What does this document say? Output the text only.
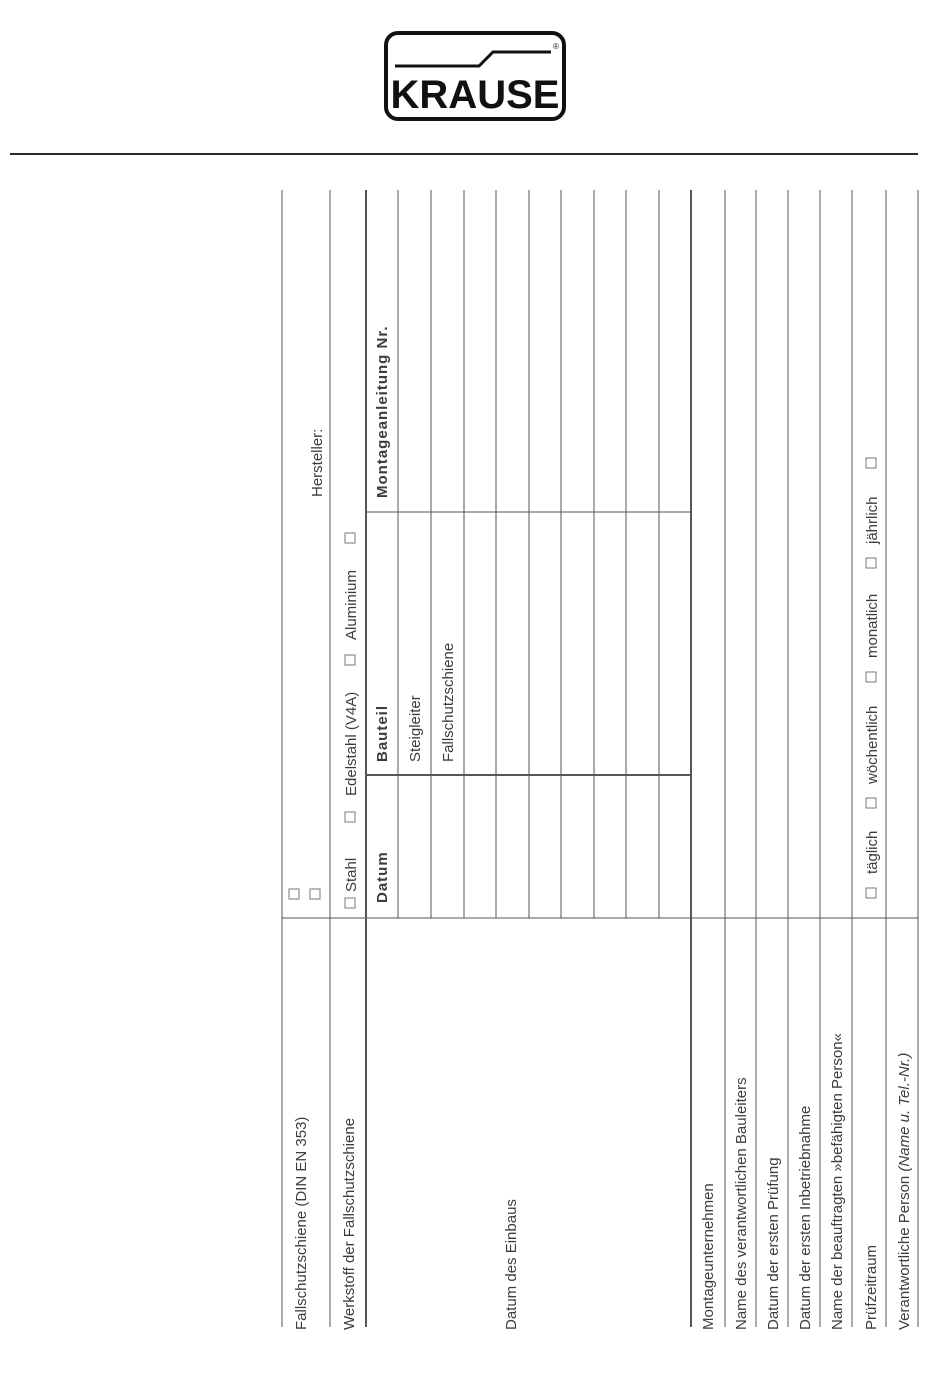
KRAUSE
®
Fallschutzschiene (DIN EN 353)
Hersteller:
Werkstoff der Fallschutzschiene
Stahl
Edelstahl (V4A)
Aluminium
Datum
Bauteil
Montageanleitung Nr.
Steigleiter Fallschutzschiene
Datum des Einbaus	Montageunternehmen Name des verantwortlichen Bauleiters Datum der ersten Prüfung Datum der ersten Inbetriebnahme Name der beauftragten »befähigten Person« Prüfzeitraum
täglich
wöchentlich
monatlich
jährlich
Verantwortliche Person (Name u. Tel.-Nr.)
